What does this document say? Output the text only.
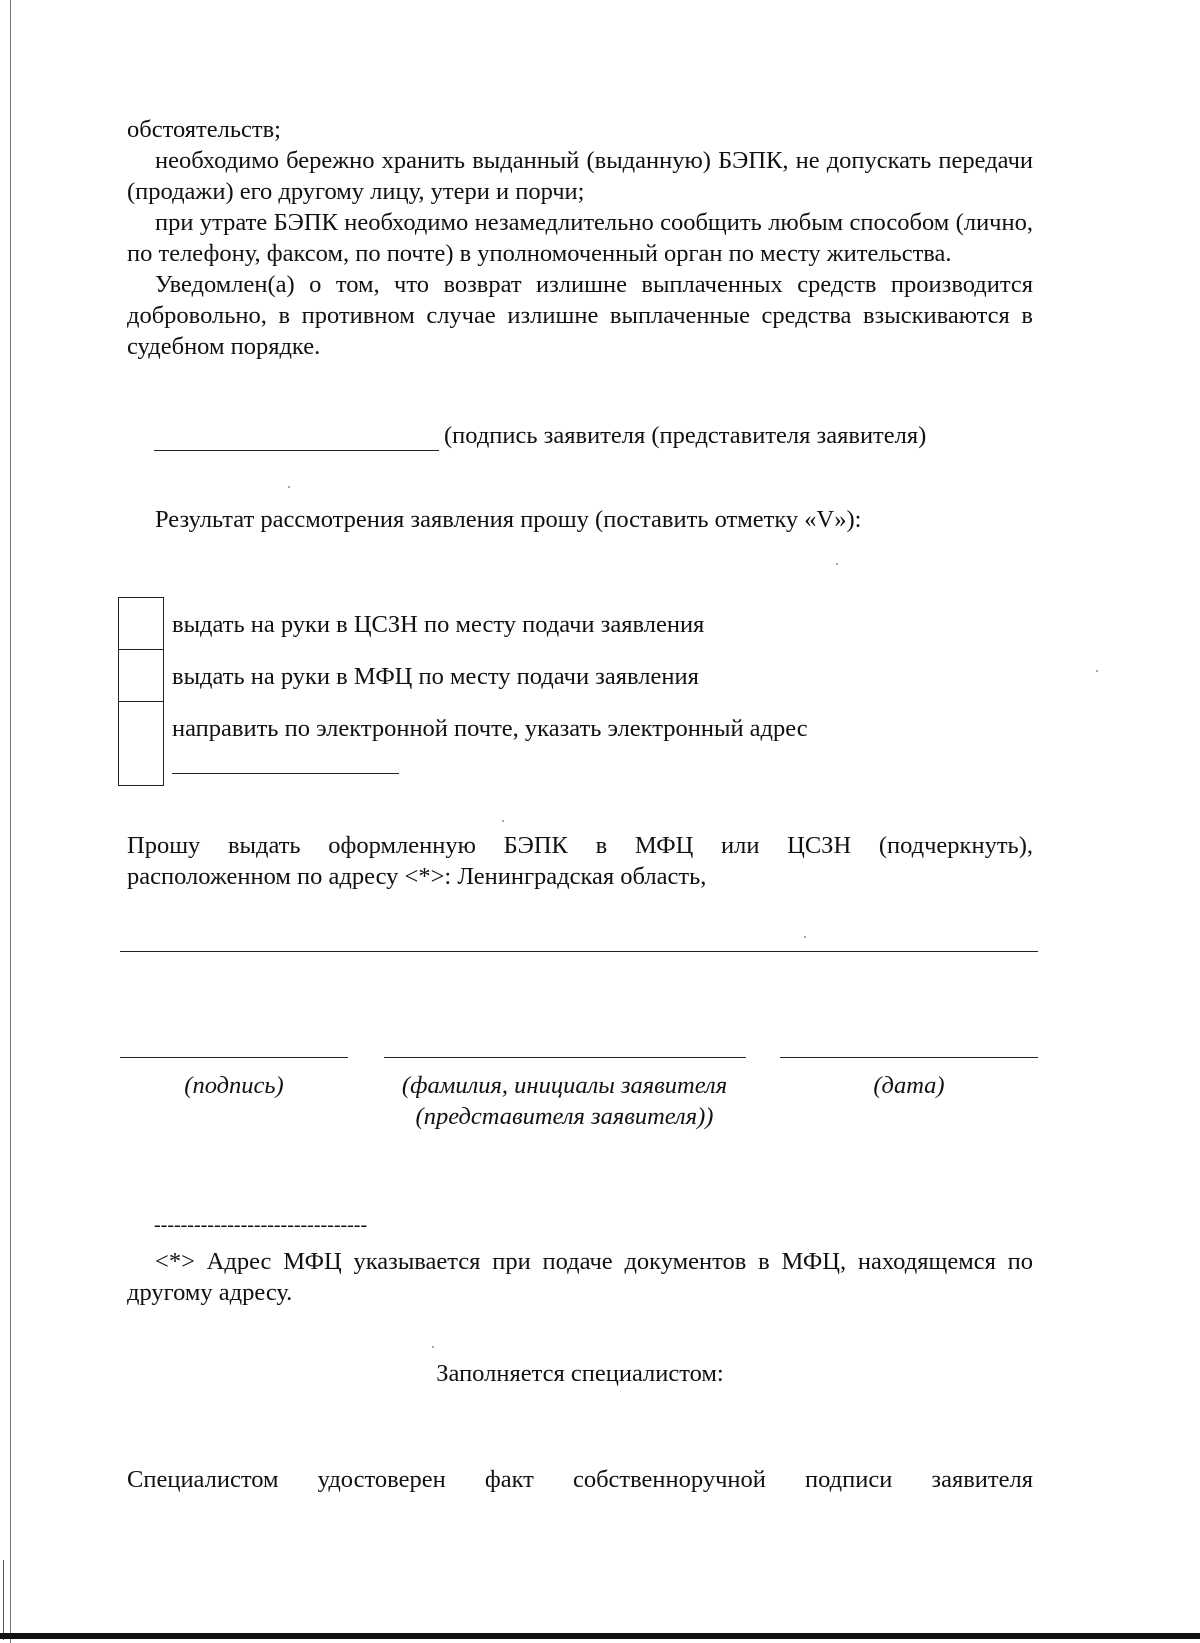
обстоятельств;

необходимо бережно хранить выданный (выданную) БЭПК, не допускать передачи (продажи) его другому лицу, утери и порчи;

при утрате БЭПК необходимо незамедлительно сообщить любым способом (лично, по телефону, факсом, по почте) в уполномоченный орган по месту жительства.

Уведомлен(а) о том, что возврат излишне выплаченных средств производится добровольно, в противном случае излишне выплаченные средства взыскиваются в судебном порядке.

(подпись заявителя (представителя заявителя)
Результат рассмотрения заявления прошу (поставить отметку «V»):
выдать на руки в ЦСЗН по месту подачи заявления
выдать на руки в МФЦ по месту подачи заявления
направить по электронной почте, указать электронный адрес
Прошу выдать оформленную БЭПК в МФЦ или ЦСЗН (подчеркнуть),
расположенном по адресу <*>: Ленинградская область,
(подпись)	(фамилия, инициалы заявителя (представителя заявителя))
(дата)
--------------------------------
<*> Адрес МФЦ указывается при подаче документов в МФЦ, находящемся по другому адресу.
Заполняется специалистом:
Специалистом удостоверен факт собственноручной подписи заявителя
